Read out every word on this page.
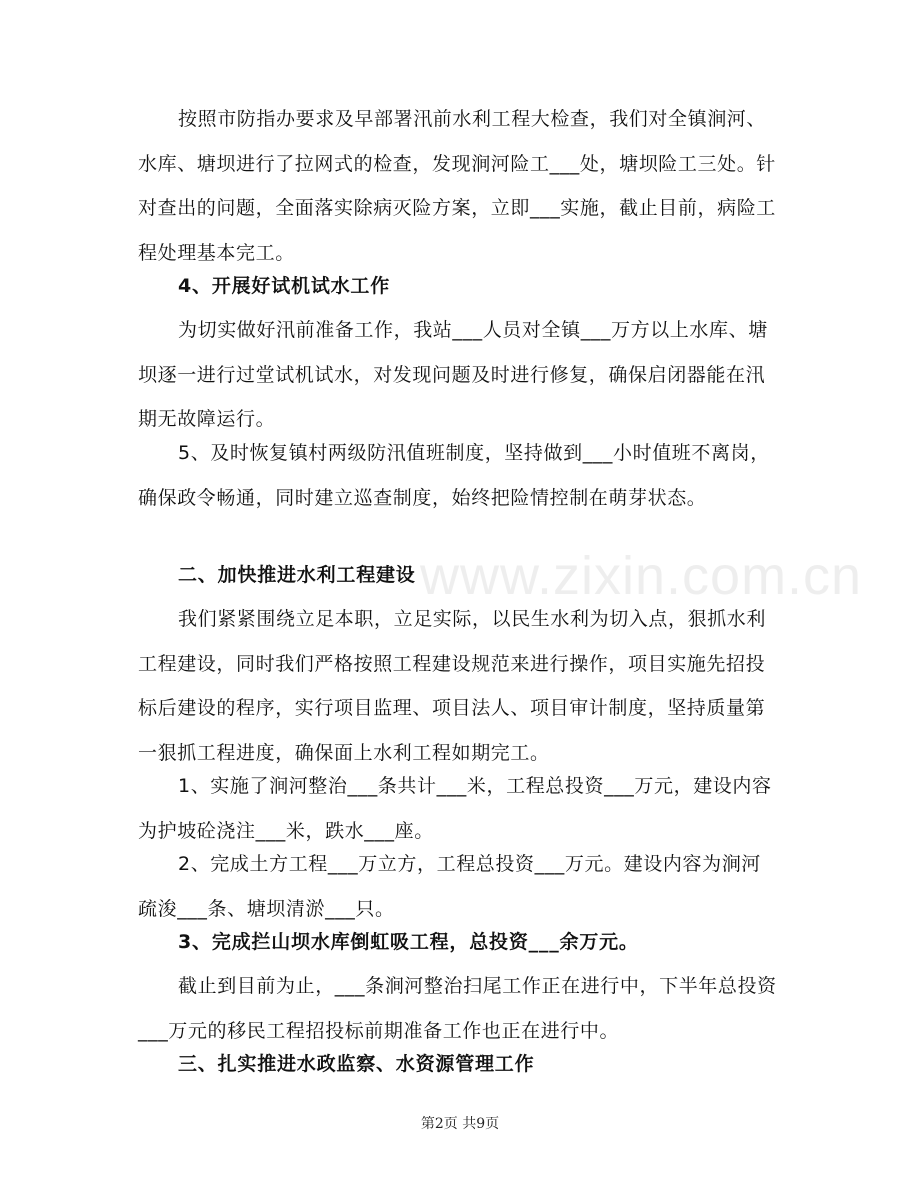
按照市防指办要求及早部署汛前水利工程大检查，我们对全镇涧河、水库、塘坝进行了拉网式的检查，发现涧河险工___处，塘坝险工三处。针对查出的问题，全面落实除病灭险方案，立即___实施，截止目前，病险工程处理基本完工。

4、开展好试机试水工作

为切实做好汛前准备工作，我站___人员对全镇___万方以上水库、塘坝逐一进行过堂试机试水，对发现问题及时进行修复，确保启闭器能在汛期无故障运行。

5、及时恢复镇村两级防汛值班制度，坚持做到___小时值班不离岗，确保政令畅通，同时建立巡查制度，始终把险情控制在萌芽状态。

二、加快推进水利工程建设

我们紧紧围绕立足本职，立足实际，以民生水利为切入点，狠抓水利工程建设，同时我们严格按照工程建设规范来进行操作，项目实施先招投标后建设的程序，实行项目监理、项目法人、项目审计制度，坚持质量第一狠抓工程进度，确保面上水利工程如期完工。

1、实施了涧河整治___条共计___米，工程总投资___万元，建设内容为护坡砼浇注___米，跌水___座。

2、完成土方工程___万立方，工程总投资___万元。建设内容为涧河疏浚___条、塘坝清淤___只。

3、完成拦山坝水库倒虹吸工程，总投资___余万元。

截止到目前为止，___条涧河整治扫尾工作正在进行中，下半年总投资___万元的移民工程招投标前期准备工作也正在进行中。

三、扎实推进水政监察、水资源管理工作

www.zixin.com.cn
第2页 共9页
